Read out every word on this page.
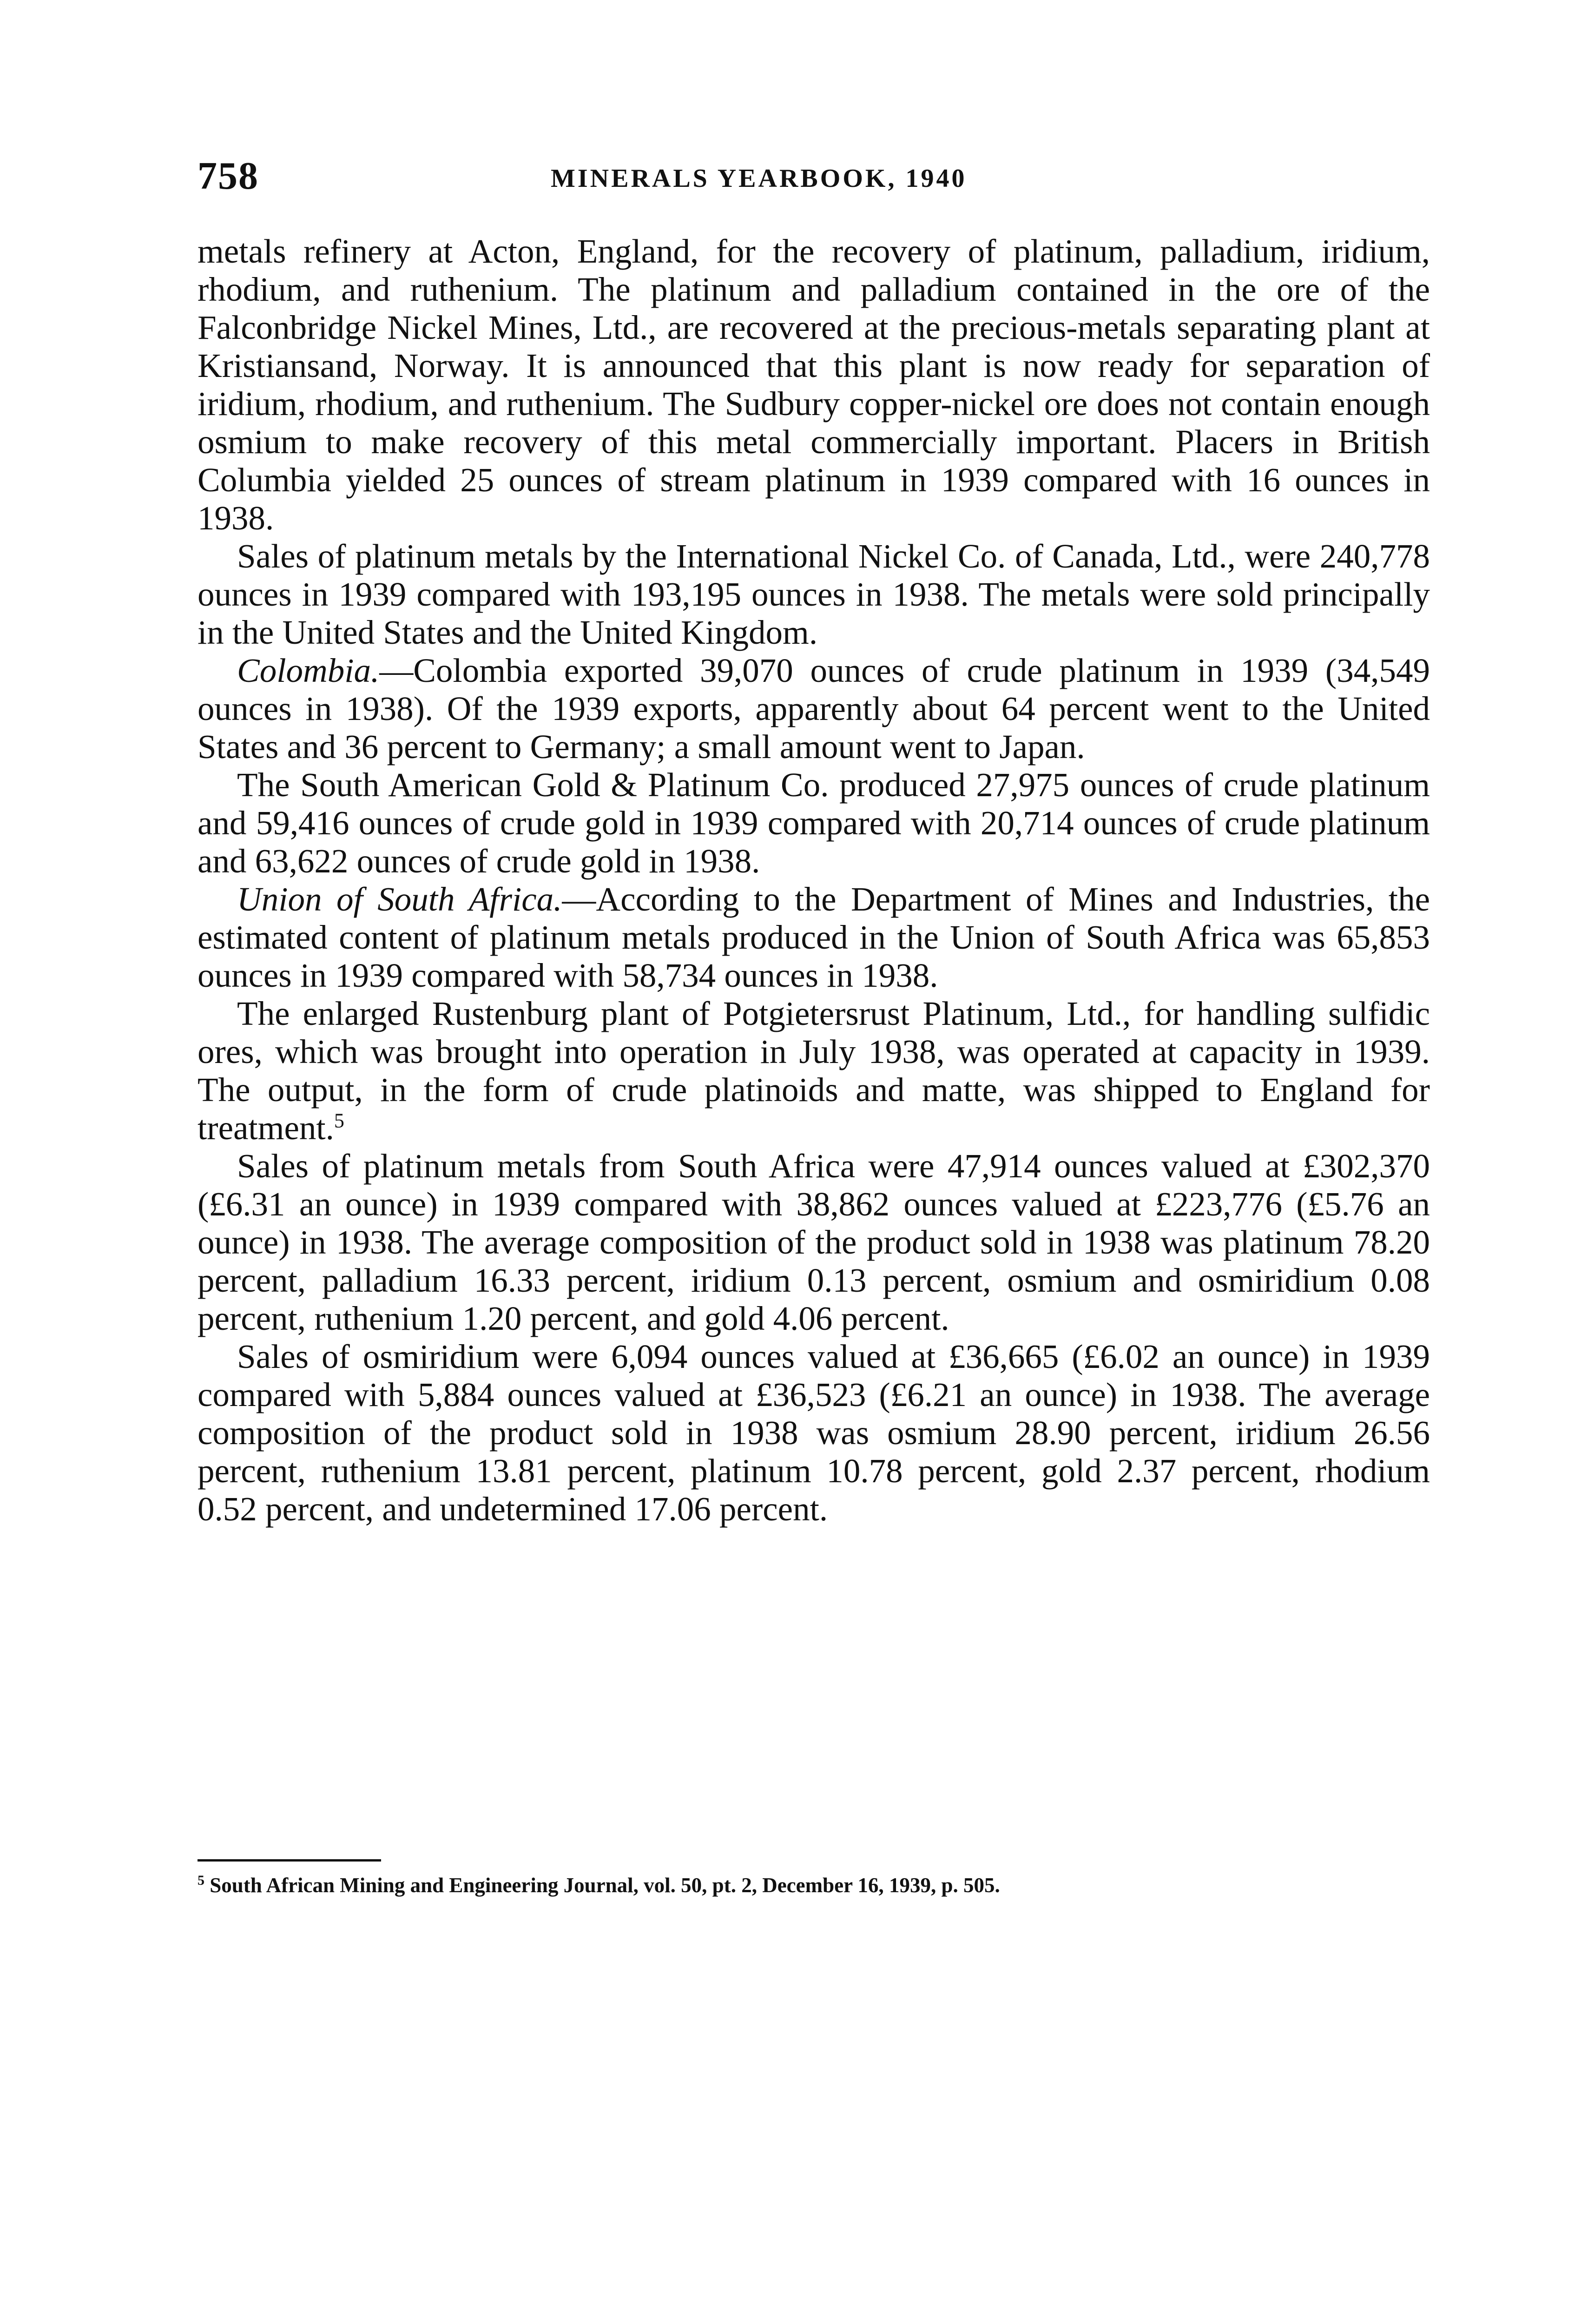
758	MINERALS YEARBOOK, 1940

metals refinery at Acton, England, for the recovery of platinum, palladium, iridium, rhodium, and ruthenium. The platinum and palladium contained in the ore of the Falconbridge Nickel Mines, Ltd., are recovered at the precious-metals separating plant at Kristiansand, Norway. It is announced that this plant is now ready for separation of iridium, rhodium, and ruthenium. The Sudbury copper-nickel ore does not contain enough osmium to make recovery of this metal commercially important. Placers in British Columbia yielded 25 ounces of stream platinum in 1939 compared with 16 ounces in 1938.

Sales of platinum metals by the International Nickel Co. of Canada, Ltd., were 240,778 ounces in 1939 compared with 193,195 ounces in 1938. The metals were sold principally in the United States and the United Kingdom.

Colombia.—Colombia exported 39,070 ounces of crude platinum in 1939 (34,549 ounces in 1938). Of the 1939 exports, apparently about 64 percent went to the United States and 36 percent to Germany; a small amount went to Japan.

The South American Gold & Platinum Co. produced 27,975 ounces of crude platinum and 59,416 ounces of crude gold in 1939 compared with 20,714 ounces of crude platinum and 63,622 ounces of crude gold in 1938.

Union of South Africa.—According to the Department of Mines and Industries, the estimated content of platinum metals produced in the Union of South Africa was 65,853 ounces in 1939 compared with 58,734 ounces in 1938.

The enlarged Rustenburg plant of Potgietersrust Platinum, Ltd., for handling sulfidic ores, which was brought into operation in July 1938, was operated at capacity in 1939. The output, in the form of crude platinoids and matte, was shipped to England for treatment.$^5$

Sales of platinum metals from South Africa were 47,914 ounces valued at £302,370 (£6.31 an ounce) in 1939 compared with 38,862 ounces valued at £223,776 (£5.76 an ounce) in 1938. The average composition of the product sold in 1938 was platinum 78.20 percent, palladium 16.33 percent, iridium 0.13 percent, osmium and osmiridium 0.08 percent, ruthenium 1.20 percent, and gold 4.06 percent.

Sales of osmiridium were 6,094 ounces valued at £36,665 (£6.02 an ounce) in 1939 compared with 5,884 ounces valued at £36,523 (£6.21 an ounce) in 1938. The average composition of the product sold in 1938 was osmium 28.90 percent, iridium 26.56 percent, ruthenium 13.81 percent, platinum 10.78 percent, gold 2.37 percent, rhodium 0.52 percent, and undetermined 17.06 percent.

$^5$ South African Mining and Engineering Journal, vol. 50, pt. 2, December 16, 1939, p. 505.
